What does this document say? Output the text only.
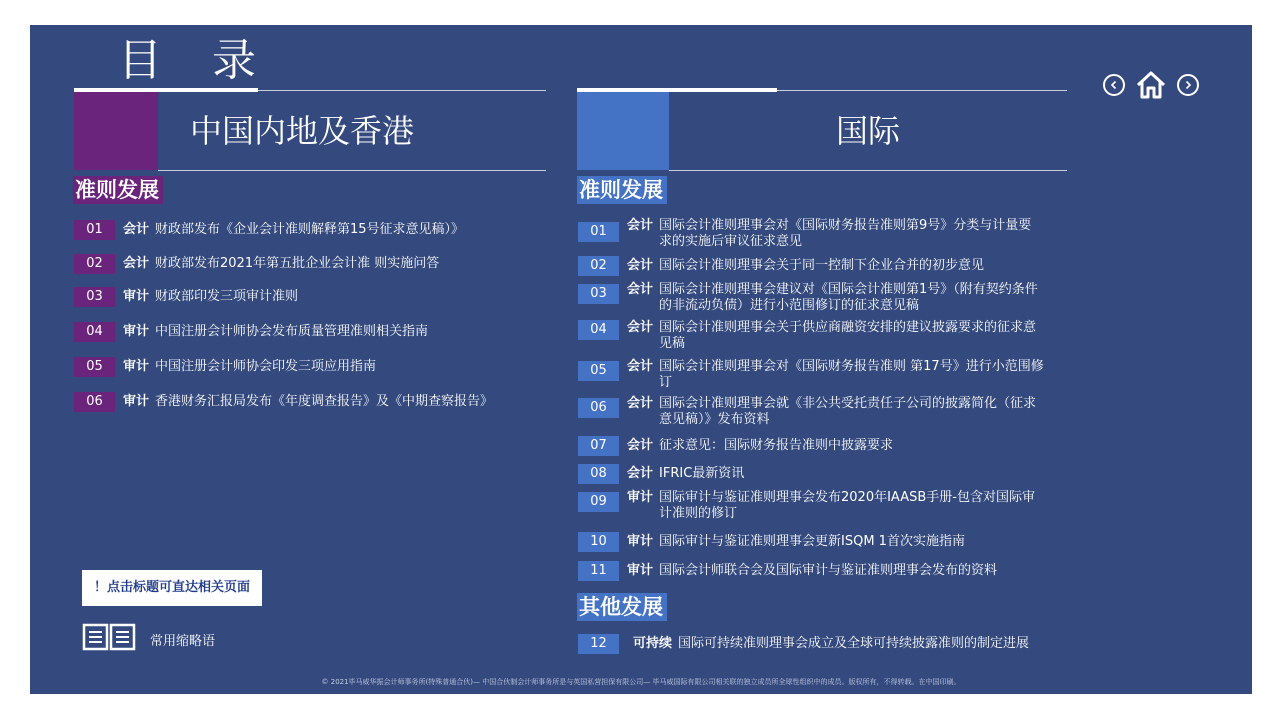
目 录
中国内地及香港	国际
准则发展
01	会计 财政部发布《企业会计准则解释第15号征求意见稿）》
02	会计 财政部发布2021年第五批企业会计准 则实施问答
03	审计 财政部印发三项审计准则
04	审计 中国注册会计师协会发布质量管理准则相关指南
05	审计 中国注册会计师协会印发三项应用指南
06	审计 香港财务汇报局发布《年度调查报告》及《中期查察报告》
准则发展
01	会计 国际会计准则理事会对《国际财务报告准则第9号》分类与计量要求的实施后审议征求意见
02	会计 国际会计准则理事会关于同一控制下企业合并的初步意见
03	会计 国际会计准则理事会建议对《国际会计准则第1号》（附有契约条件的非流动负债）进行小范围修订的征求意见稿
04	会计 国际会计准则理事会关于供应商融资安排的建议披露要求的征求意见稿
05	会计 国际会计准则理事会对《国际财务报告准则 第17号》进行小范围修订
06	会计 国际会计准则理事会就《非公共受托责任子公司的披露简化（征求意见稿）》发布资料
07	会计 征求意见：国际财务报告准则中披露要求
08	会计 IFRIC最新资讯
09	审计 国际审计与鉴证准则理事会发布2020年IAASB手册-包含对国际审计准则的修订
10	审计 国际审计与鉴证准则理事会更新ISQM 1首次实施指南
11	审计 国际会计师联合会及国际审计与鉴证准则理事会发布的资料
其他发展
12	可持续 国际可持续准则理事会成立及全球可持续披露准则的制定进展
！点击标题可直达相关页面
常用缩略语
© 2021毕马威华振会计师事务所(特殊普通合伙)— 中国合伙制会计师事务所是与英国私营担保有限公司— 毕马威国际有限公司相关联的独立成员所全球性组织中的成员。版权所有，不得转载。在中国印刷。
